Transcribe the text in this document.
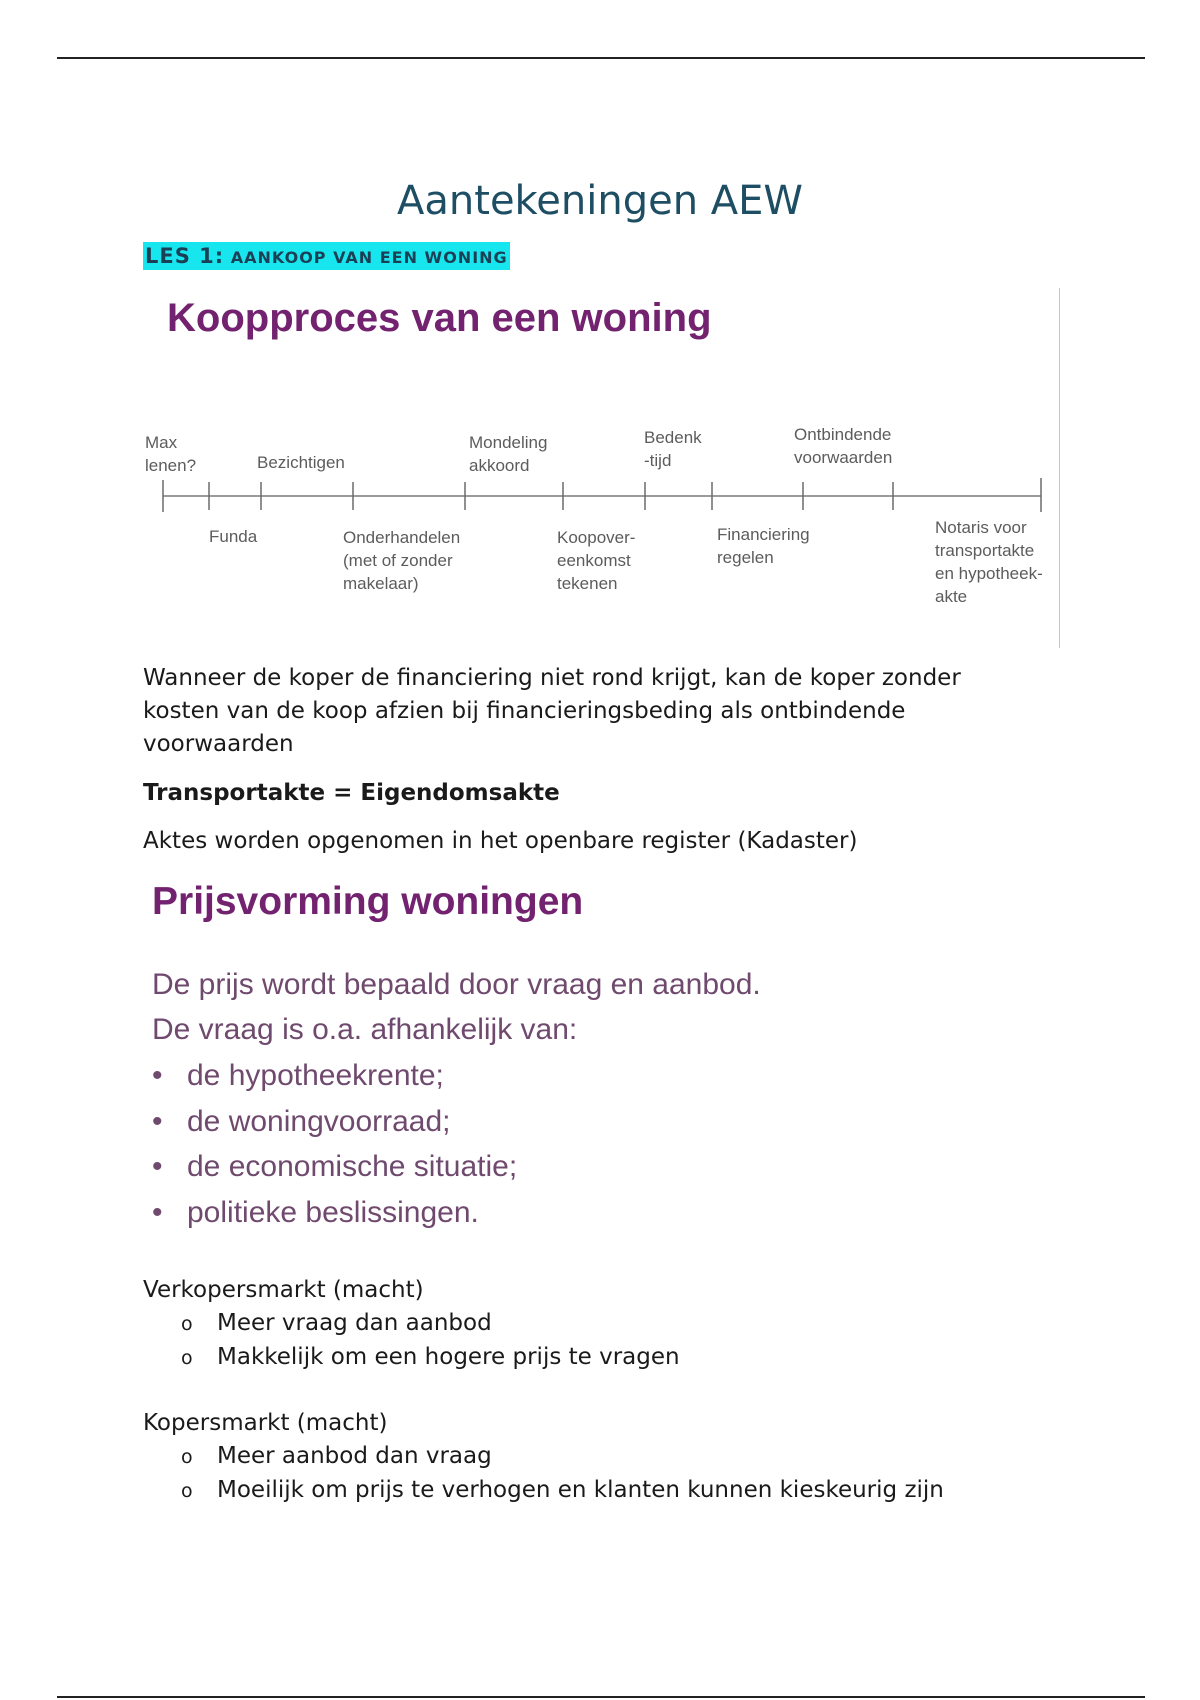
Aantekeningen AEW
LES 1: AANKOOP VAN EEN WONING
Koopproces van een woning
Max
lenen?	Bezichtigen
Mondeling
akkoord
Bedenk
-tijd
Ontbindende
voorwaarden
Funda	Onderhandelen
(met of zonder
makelaar)
Koopover-
eenkomst
tekenen
Financiering
regelen
Notaris voor
transportakte
en hypotheek-
akte
Wanneer de koper de financiering niet rond krijgt, kan de koper zonder kosten van de koop afzien bij financieringsbeding als ontbindende voorwaarden
Transportakte = Eigendomsakte
Aktes worden opgenomen in het openbare register (Kadaster)
Prijsvorming woningen
De prijs wordt bepaald door vraag en aanbod.
De vraag is o.a. afhankelijk van:
• de hypotheekrente;
• de woningvoorraad;
• de economische situatie;
• politieke beslissingen.
Verkopersmarkt (macht)
o Meer vraag dan aanbod
o Makkelijk om een hogere prijs te vragen
Kopersmarkt (macht)
o Meer aanbod dan vraag
o Moeilijk om prijs te verhogen en klanten kunnen kieskeurig zijn
